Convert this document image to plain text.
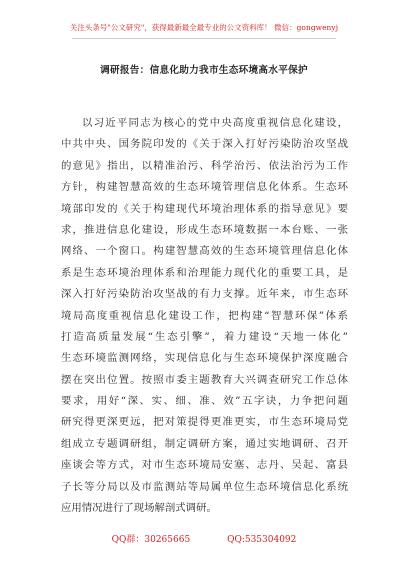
关注头条号"公文研究"，获得最新最全最专业的公文资料库！ 微信：gongwenyj
调研报告：信息化助力我市生态环境高水平保护
以习近平同志为核心的党中央高度重视信息化建设，
中共中央、国务院印发的《关于深入打好污染防治攻坚战
的意见》指出，以精准治污、科学治污、依法治污为工作
方针，构建智慧高效的生态环境管理信息化体系。生态环
境部印发的《关于构建现代环境治理体系的指导意见》要
求，推进信息化建设，形成生态环境数据一本台账、一张
网络、一个窗口。构建智慧高效的生态环境管理信息化体
系是生态环境治理体系和治理能力现代化的重要工具，是
深入打好污染防治攻坚战的有力支撑。近年来，市生态环
境局高度重视信息化建设工作，把构建“智慧环保”体系
打造高质量发展“生态引擎”，着力建设“天地一体化”
生态环境监测网络，实现信息化与生态环境保护深度融合
摆在突出位置。按照市委主题教育大兴调查研究工作总体
要求，用好“深、实、细、准、效”五字诀，力争把问题
研究得更深更远，把对策提得更准更实，市生态环境局党
组成立专题调研组，制定调研方案，通过实地调研、召开
座谈会等方式，对市生态环境局安塞、志丹、吴起、富县
子长等分局以及市监测站等局属单位生态环境信息化系统
应用情况进行了现场解剖式调研。
QQ群：30265665	QQ:535304092
